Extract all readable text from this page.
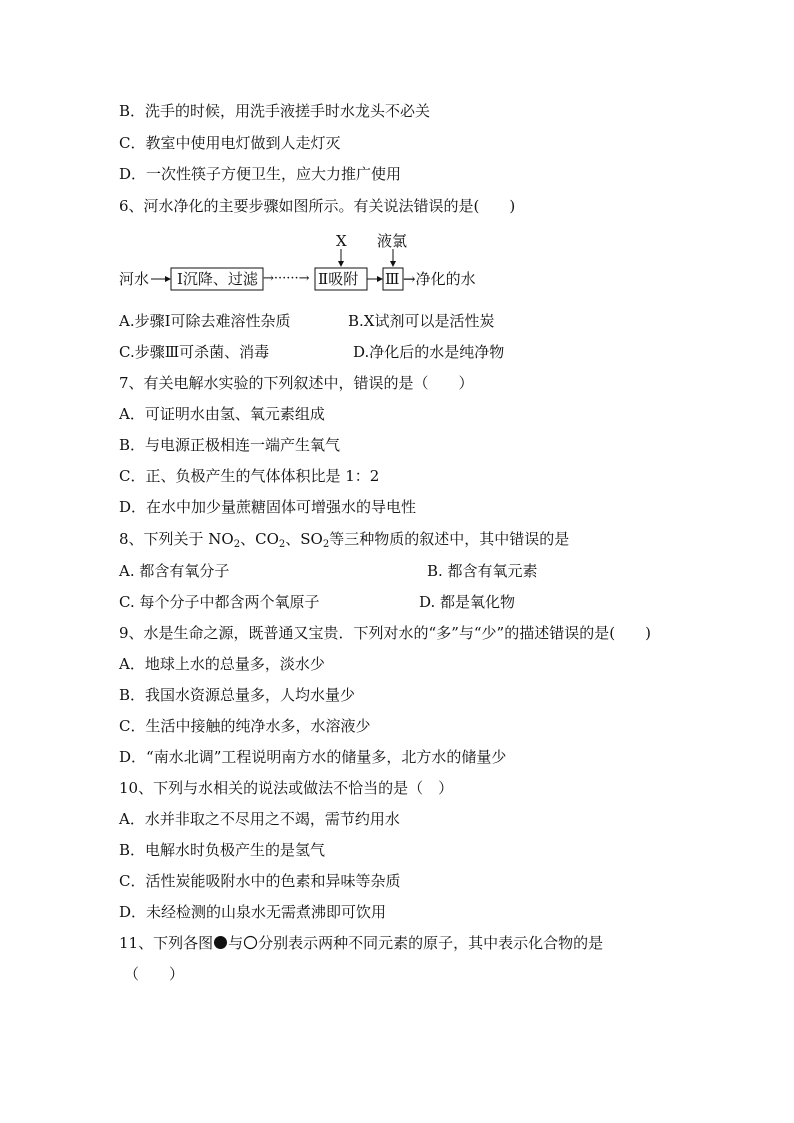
B．洗手的时候，用洗手液搓手时水龙头不必关
C．教室中使用电灯做到人走灯灭
D．一次性筷子方便卫生，应大力推广使用
6、河水净化的主要步骤如图所示。有关说法错误的是(　　)
河水 Ⅰ沉降、过滤 →······→ Ⅱ吸附 Ⅲ →净化的水
X 液氯
A.步骤Ⅰ可除去难溶性杂质	B.X试剂可以是活性炭
C.步骤Ⅲ可杀菌、消毒	D.净化后的水是纯净物
7、有关电解水实验的下列叙述中，错误的是（　　）
A．可证明水由氢、氧元素组成
B．与电源正极相连一端产生氧气
C．正、负极产生的气体体积比是 1：2
D．在水中加少量蔗糖固体可增强水的导电性
8、下列关于 $NO_2$、$CO_2$、$SO_2$等三种物质的叙述中，其中错误的是
A. 都含有氧分子	B. 都含有氧元素
C. 每个分子中都含两个氧原子	D. 都是氧化物
9、水是生命之源，既普通又宝贵．下列对水的“多”与“少”的描述错误的是(　　)
A．地球上水的总量多，淡水少
B．我国水资源总量多，人均水量少
C．生活中接触的纯净水多，水溶液少
D．“南水北调”工程说明南方水的储量多，北方水的储量少
10、下列与水相关的说法或做法不恰当的是（　）
A．水并非取之不尽用之不竭，需节约用水
B．电解水时负极产生的是氢气
C．活性炭能吸附水中的色素和异味等杂质
D．未经检测的山泉水无需煮沸即可饮用
11、下列各图 与 分别表示两种不同元素的原子，其中表示化合物的是
（　　）
